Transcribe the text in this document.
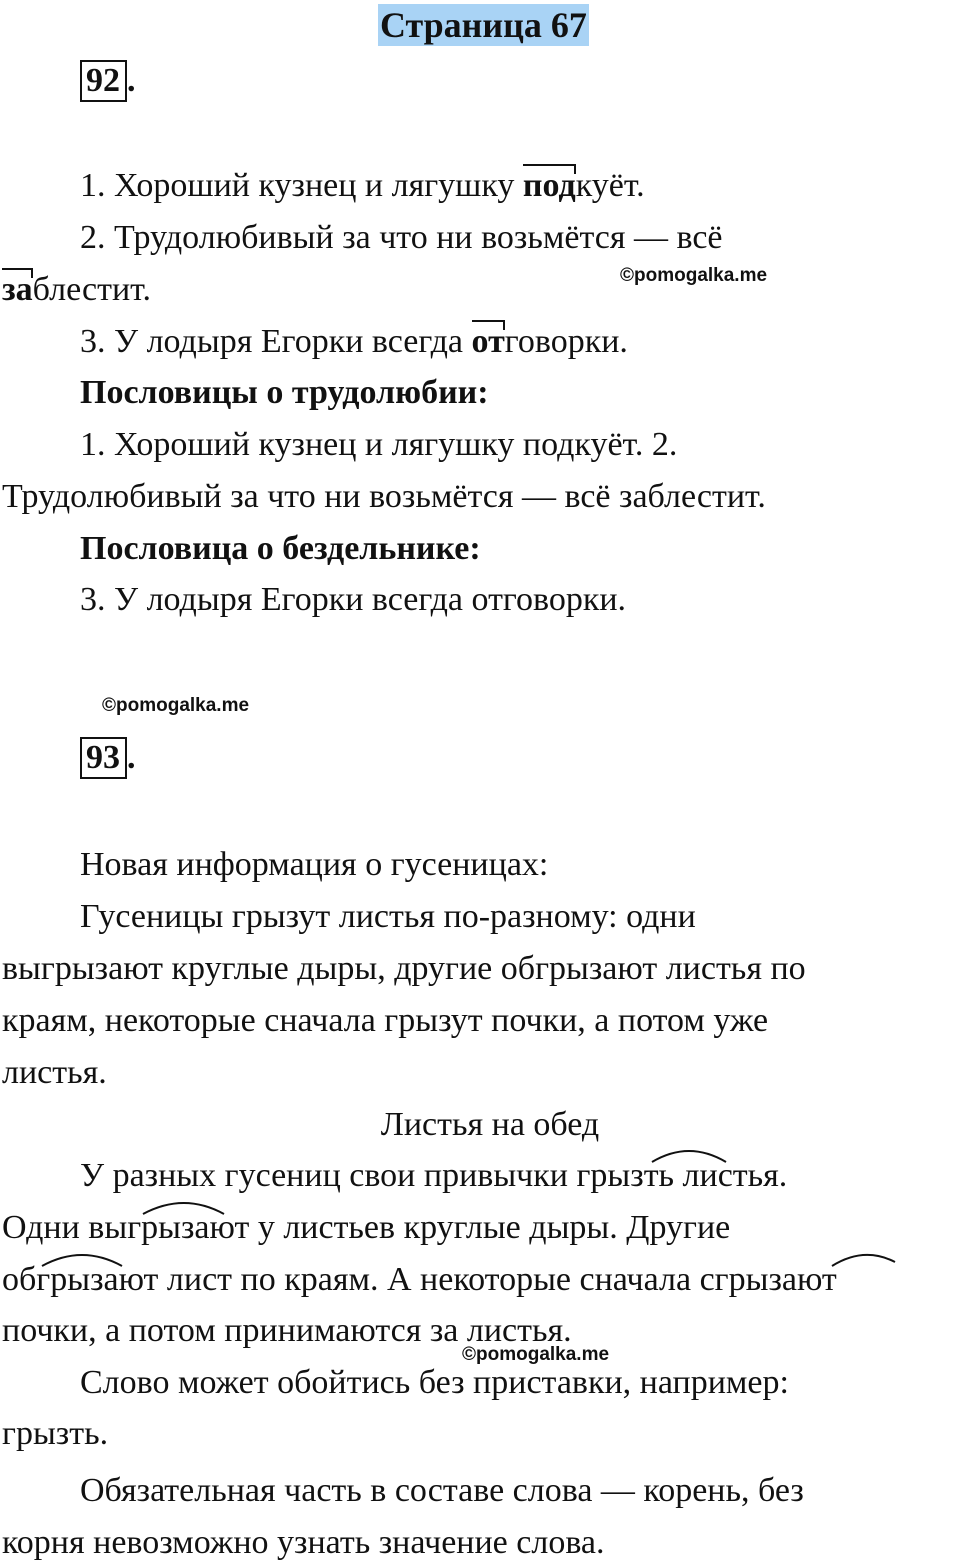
Страница 67
92 .
1. Хороший кузнец и лягушку подкуёт.
2. Трудолюбивый за что ни возьмётся — всё
заблестит.	©pomogalka.me
3. У лодыря Егорки всегда отговорки.
Пословицы о трудолюбии:
1. Хороший кузнец и лягушку подкуёт. 2.
Трудолюбивый за что ни возьмётся — всё заблестит.
Пословица о бездельнике:
3. У лодыря Егорки всегда отговорки.
©pomogalka.me
93 .
Новая информация о гусеницах:
Гусеницы грызут листья по-разному: одни
выгрызают круглые дыры, другие обгрызают листья по
краям, некоторые сначала грызут почки, а потом уже
листья.
Листья на обед
У разных гусениц свои привычки грызть листья.
Одни выгрызают у листьев круглые дыры. Другие
обгрызают лист по краям. А некоторые сначала сгрызают
почки, а потом принимаются за листья.
©pomogalka.me
Слово может обойтись без приставки, например:
грызть.
Обязательная часть в составе слова — корень, без
корня невозможно узнать значение слова.
